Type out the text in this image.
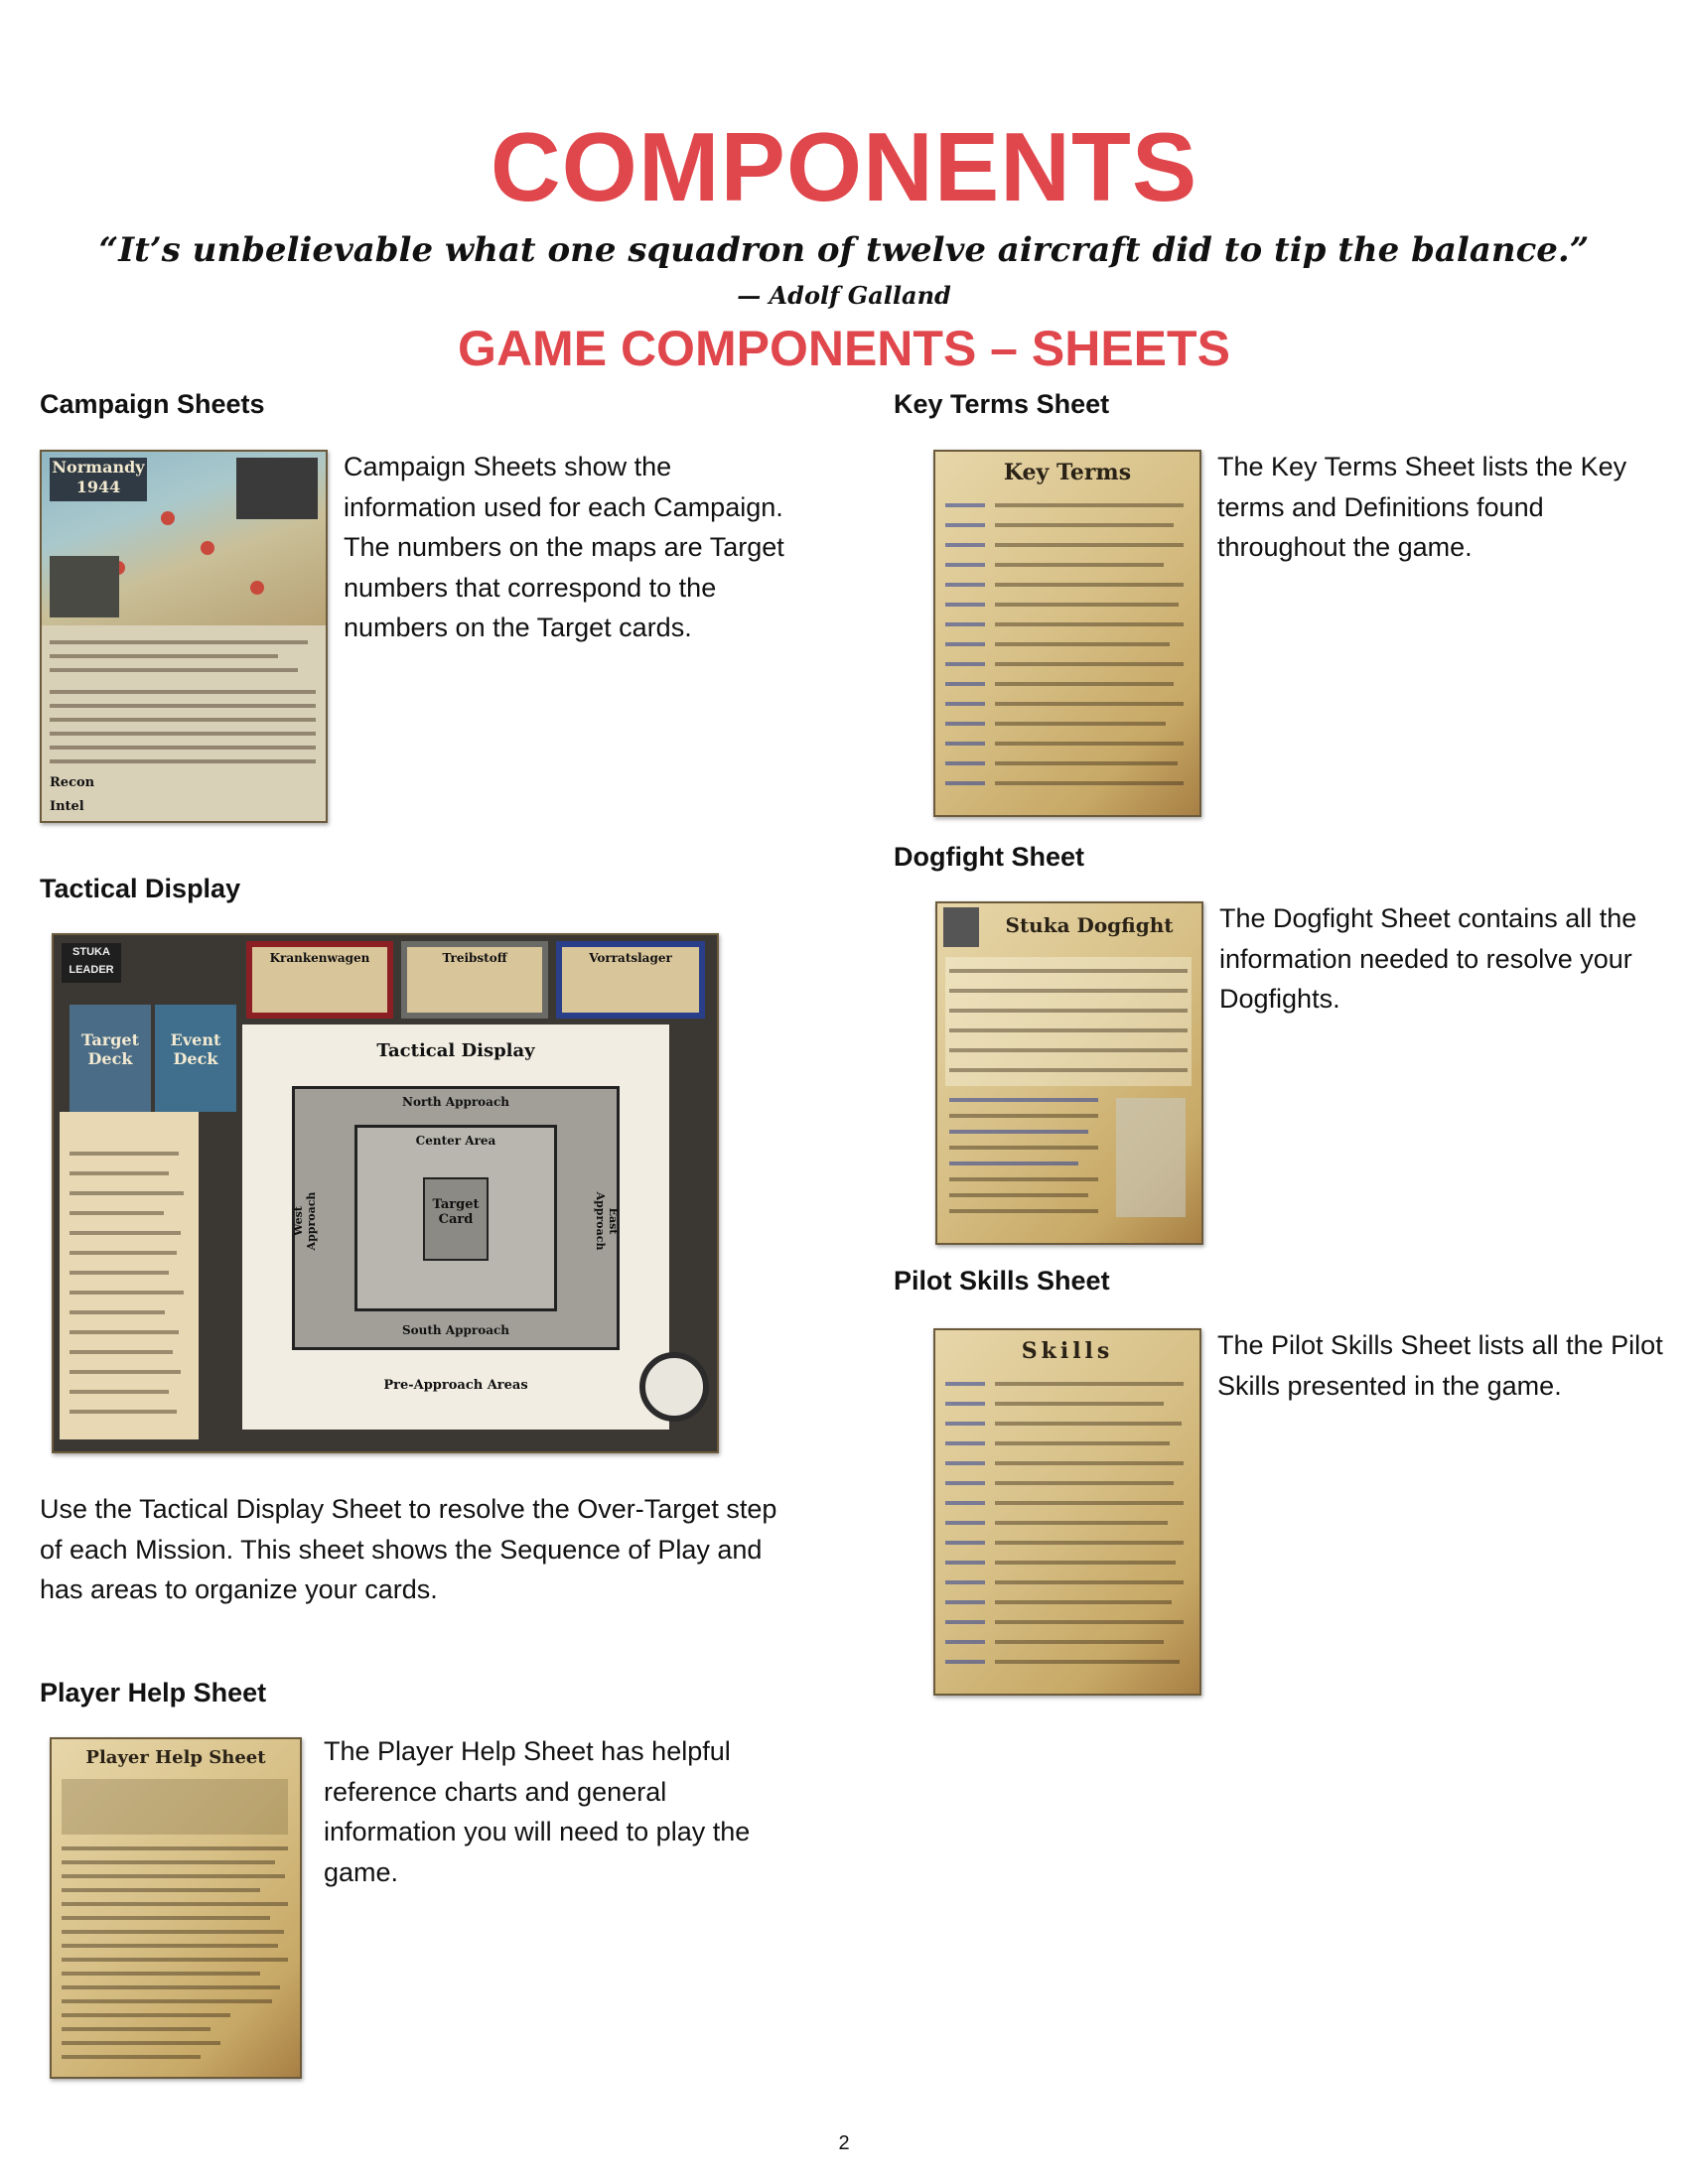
COMPONENTS
“It’s unbelievable what one squadron of twelve aircraft did to tip the balance.”
— Adolf Galland
GAME COMPONENTS – SHEETS
Campaign Sheets
Normandy 1944
Recon
Intel
Campaign Sheets show the information used for each Campaign. The numbers on the maps are Target numbers that correspond to the numbers on the Target cards.
Tactical Display
STUKA LEADER
Krankenwagen	Treibstoff	Vorratslager
Target Deck
Event Deck	Tactical Display
North Approach
South Approach
West Approach	East Approach
Center Area
Target Card
Pre-Approach Areas
Use the Tactical Display Sheet to resolve the Over-Target step of each Mission. This sheet shows the Sequence of Play and has areas to organize your cards.
Player Help Sheet
Player Help Sheet	The Player Help Sheet has helpful reference charts and general information you will need to play the game.
Key Terms Sheet
Key Terms	The Key Terms Sheet lists the Key terms and Definitions found throughout the game.
Dogfight Sheet
Stuka Dogfight	The Dogfight Sheet contains all the information needed to resolve your Dogfights.
Pilot Skills Sheet
Skills	The Pilot Skills Sheet lists all the Pilot Skills presented in the game.
2
